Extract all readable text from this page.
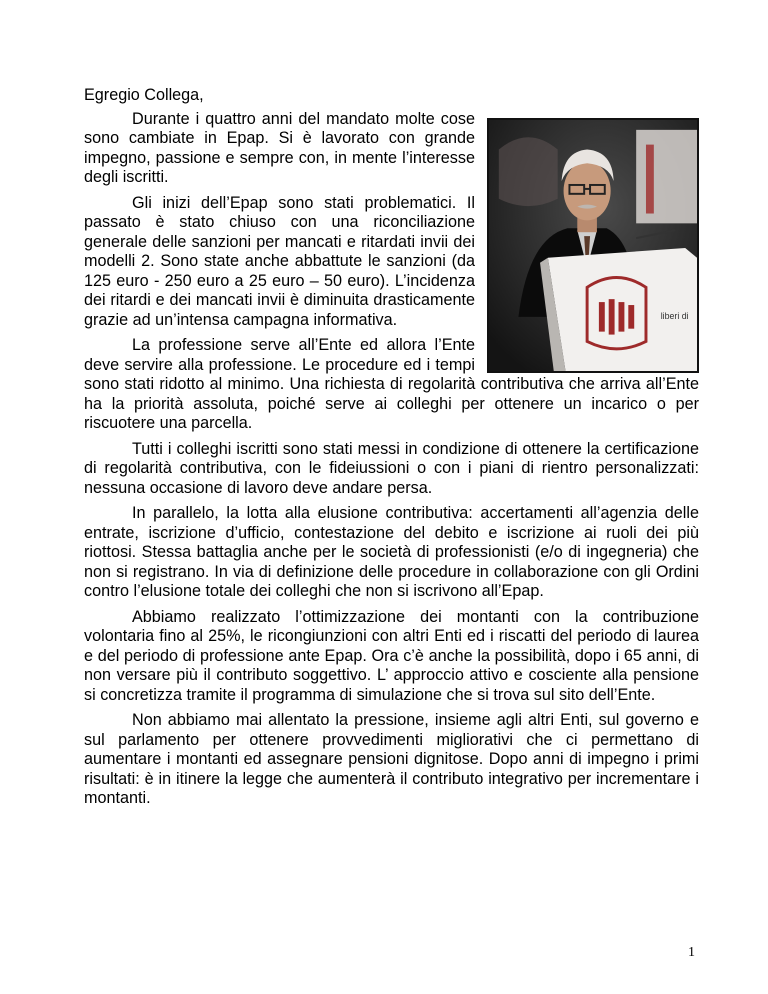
Egregio Collega,

liberi di

Durante i quattro anni del mandato molte cose sono cambiate in Epap. Si è lavorato con grande impegno, passione e sempre con, in mente l’interesse degli iscritti.

Gli inizi dell’Epap sono stati problematici. Il passato è stato chiuso con una riconciliazione generale delle sanzioni per mancati e ritardati invii dei modelli 2. Sono state anche abbattute le sanzioni (da 125 euro - 250 euro a 25 euro – 50 euro). L’incidenza dei ritardi e dei mancati invii è diminuita drasticamente grazie ad un’intensa campagna informativa.

La professione serve all’Ente ed allora l’Ente deve servire alla professione. Le procedure ed i tempi sono stati ridotto al minimo. Una richiesta di regolarità contributiva che arriva all’Ente ha la priorità assoluta, poiché serve ai colleghi per ottenere un incarico o per riscuotere una parcella.

Tutti i colleghi iscritti sono stati messi in condizione di ottenere la certificazione di regolarità contributiva, con le fideiussioni o con i piani di rientro personalizzati: nessuna occasione di lavoro deve andare persa.

In parallelo, la lotta alla elusione contributiva: accertamenti all’agenzia delle entrate, iscrizione d’ufficio, contestazione del debito e iscrizione ai ruoli dei più riottosi. Stessa battaglia anche per le società di professionisti (e/o di ingegneria) che non si registrano. In via di definizione delle procedure in collaborazione con gli Ordini contro l’elusione totale dei colleghi che non si iscrivono all’Epap.

Abbiamo realizzato l’ottimizzazione dei montanti con la contribuzione volontaria fino al 25%, le ricongiunzioni con altri Enti ed i riscatti del periodo di laurea e del periodo di professione ante Epap. Ora c’è anche la possibilità, dopo i 65 anni, di non versare più il contributo soggettivo. L’ approccio attivo e cosciente alla pensione si concretizza tramite il programma di simulazione che si trova sul sito dell’Ente.

Non abbiamo mai allentato la pressione, insieme agli altri Enti, sul governo e sul parlamento per ottenere provvedimenti migliorativi che ci permettano di aumentare i montanti ed assegnare pensioni dignitose. Dopo anni di impegno i primi risultati: è in itinere la legge che aumenterà il contributo integrativo per incrementare i montanti.

1
